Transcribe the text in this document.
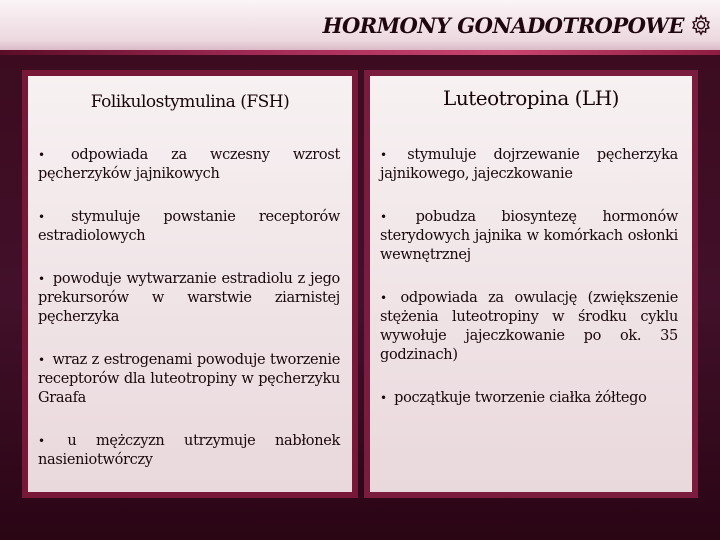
HORMONY GONADOTROPOWE
Folikulostymulina (FSH)
• odpowiada za wczesny wzrost pęcherzyków jajnikowych
• stymuluje powstanie receptorów estradiolowych
• powoduje wytwarzanie estradiolu z jego prekursorów w warstwie ziarnistej pęcherzyka
• wraz z estrogenami powoduje tworzenie receptorów dla luteotropiny w pęcherzyku Graafa
• u mężczyzn utrzymuje nabłonek nasieniotwórczy
Luteotropina (LH)
• stymuluje dojrzewanie pęcherzyka jajnikowego, jajeczkowanie
• pobudza biosyntezę hormonów sterydowych jajnika w komórkach osłonki wewnętrznej
• odpowiada za owulację (zwiększenie stężenia luteotropiny w środku cyklu wywołuje jajeczkowanie po ok. 35 godzinach)
• początkuje tworzenie ciałka żółtego
